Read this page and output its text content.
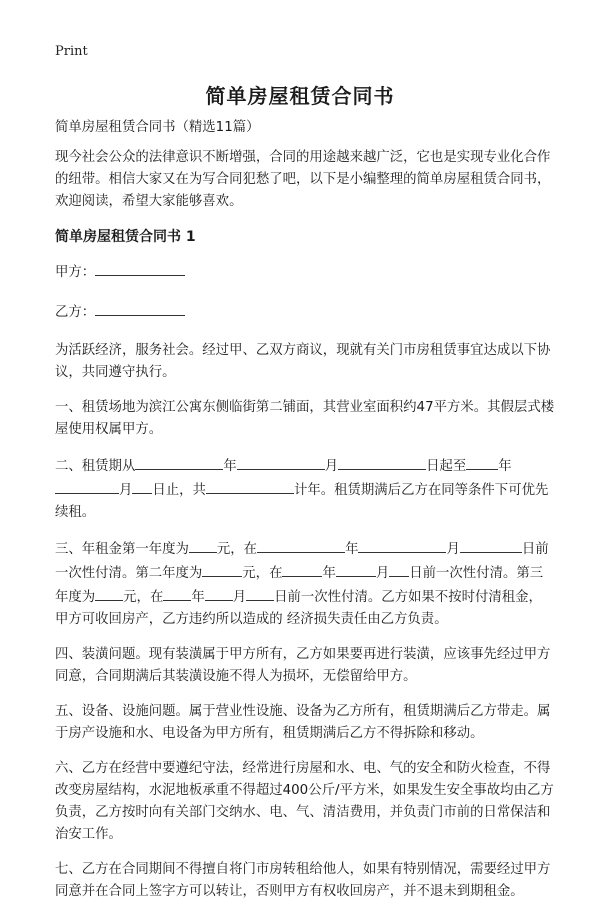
Print
简单房屋租赁合同书

简单房屋租赁合同书（精选11篇）

现今社会公众的法律意识不断增强，合同的用途越来越广泛，它也是实现专业化合作的纽带。相信大家又在为写合同犯愁了吧，以下是小编整理的简单房屋租赁合同书，欢迎阅读，希望大家能够喜欢。

简单房屋租赁合同书 1

甲方：

乙方：

为活跃经济，服务社会。经过甲、乙双方商议，现就有关门市房租赁事宜达成以下协议，共同遵守执行。

一、租赁场地为滨江公寓东侧临街第二铺面，其营业室面积约47平方米。其假层式楼屋使用权属甲方。

二、租赁期从	年	月	日起至 年月 日止，共	计年。租赁期满后乙方在同等条件下可优先续租。

三、年租金第一年度为 元，在	年	月	日前一次性付清。第二年度为	元，在	年	月 日前一次性付清。第三年度为 元，在 年 月 日前一次性付清。乙方如果不按时付清租金，甲方可收回房产，乙方违约所以造成的 经济损失责任由乙方负责。

四、装潢问题。现有装潢属于甲方所有，乙方如果要再进行装潢，应该事先经过甲方同意，合同期满后其装潢设施不得人为损坏，无偿留给甲方。

五、设备、设施问题。属于营业性设施、设备为乙方所有，租赁期满后乙方带走。属于房产设施和水、电设备为甲方所有，租赁期满后乙方不得拆除和移动。

六、乙方在经营中要遵纪守法，经常进行房屋和水、电、气的安全和防火检查，不得改变房屋结构，水泥地板承重不得超过400公斤/平方米，如果发生安全事故均由乙方负责，乙方按时向有关部门交纳水、电、气、清洁费用，并负责门市前的日常保洁和治安工作。

七、乙方在合同期间不得擅自将门市房转租给他人，如果有特别情况，需要经过甲方同意并在合同上签字方可以转让，否则甲方有权收回房产，并不退未到期租金。
